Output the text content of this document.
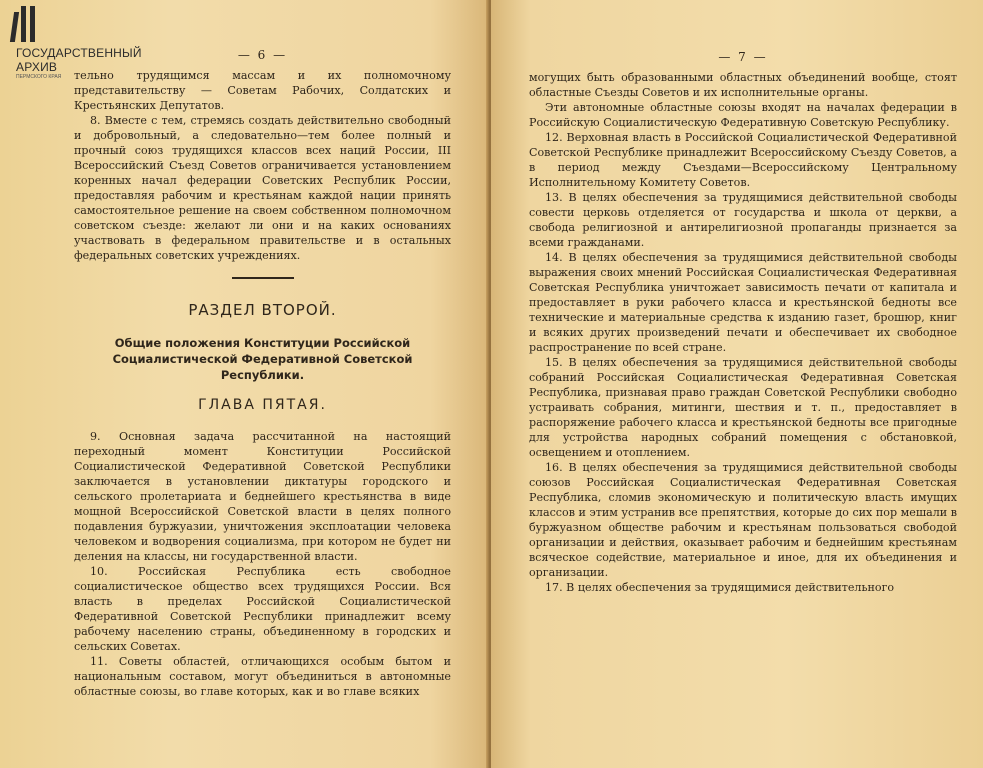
— 6 —

тельно трудящимся массам и их полномочному представительству — Советам Рабочих, Солдатских и Крестьянских Депутатов.

8. Вместе с тем, стремясь создать действительно свободный и добровольный, а следовательно—тем более полный и прочный союз трудящихся классов всех наций России, III Всероссийский Съезд Советов ограничивается установлением коренных начал федерации Советских Республик России, предоставляя рабочим и крестьянам каждой нации принять самостоятельное решение на своем собственном полномочном советском съезде: желают ли они и на каких основаниях участвовать в федеральном правительстве и в остальных федеральных советских учреждениях.

РАЗДЕЛ ВТОРОЙ.
Общие положения Конституции Российской Социалистической Федеративной Советской Республики.
ГЛАВА ПЯТАЯ.

9. Основная задача рассчитанной на настоящий переходный момент Конституции Российской Социалистической Федеративной Советской Республики заключается в установлении диктатуры городского и сельского пролетариата и беднейшего крестьянства в виде мощной Всероссийской Советской власти в целях полного подавления буржуазии, уничтожения эксплоатации человека человеком и водворения социализма, при котором не будет ни деления на классы, ни государственной власти.

10. Российская Республика есть свободное социалистическое общество всех трудящихся России. Вся власть в пределах Российской Социалистической Федеративной Советской Республики принадлежит всему рабочему населению страны, объединенному в городских и сельских Советах.

11. Советы областей, отличающихся особым бытом и национальным составом, могут объединиться в автономные областные союзы, во главе которых, как и во главе всяких

— 7 —

могущих быть образованными областных объединений вообще, стоят областные Съезды Советов и их исполнительные органы.

Эти автономные областные союзы входят на началах федерации в Российскую Социалистическую Федеративную Советскую Республику.

12. Верховная власть в Российской Социалистической Федеративной Советской Республике принадлежит Всероссийскому Съезду Советов, а в период между Съездами—Всероссийскому Центральному Исполнительному Комитету Советов.

13. В целях обеспечения за трудящимися действительной свободы совести церковь отделяется от государства и школа от церкви, а свобода религиозной и антирелигиозной пропаганды признается за всеми гражданами.

14. В целях обеспечения за трудящимися действительной свободы выражения своих мнений Российская Социалистическая Федеративная Советская Республика уничтожает зависимость печати от капитала и предоставляет в руки рабочего класса и крестьянской бедноты все технические и материальные средства к изданию газет, брошюр, книг и всяких других произведений печати и обеспечивает их свободное распространение по всей стране.

15. В целях обеспечения за трудящимися действительной свободы собраний Российская Социалистическая Федеративная Советская Республика, признавая право граждан Советской Республики свободно устраивать собрания, митинги, шествия и т. п., предоставляет в распоряжение рабочего класса и крестьянской бедноты все пригодные для устройства народных собраний помещения с обстановкой, освещением и отоплением.

16. В целях обеспечения за трудящимися действительной свободы союзов Российская Социалистическая Федеративная Советская Республика, сломив экономическую и политическую власть имущих классов и этим устранив все препятствия, которые до сих пор мешали в буржуазном обществе рабочим и крестьянам пользоваться свободой организации и действия, оказывает рабочим и беднейшим крестьянам всяческое содействие, материальное и иное, для их объединения и организации.

17. В целях обеспечения за трудящимися действительного

ГОСУДАРСТВЕННЫЙ
АРХИВ
ПЕРМСКОГО КРАЯ
